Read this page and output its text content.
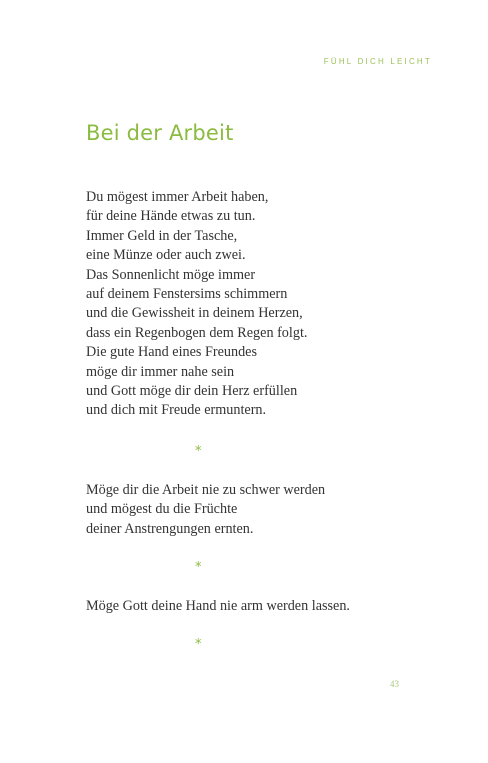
FÜHL DICH LEICHT
Bei der Arbeit
Du mögest immer Arbeit haben,
für deine Hände etwas zu tun.
Immer Geld in der Tasche,
eine Münze oder auch zwei.
Das Sonnenlicht möge immer
auf deinem Fenstersims schimmern
und die Gewissheit in deinem Herzen,
dass ein Regenbogen dem Regen folgt.
Die gute Hand eines Freundes
möge dir immer nahe sein
und Gott möge dir dein Herz erfüllen
und dich mit Freude ermuntern.
*
Möge dir die Arbeit nie zu schwer werden
und mögest du die Früchte
deiner Anstrengungen ernten.
*
Möge Gott deine Hand nie arm werden lassen.
*
43
